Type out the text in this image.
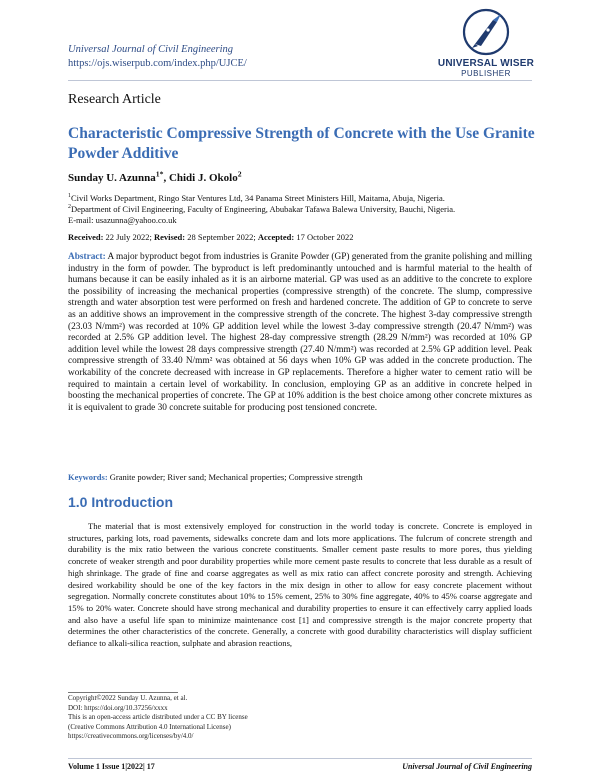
Universal Journal of Civil Engineering
https://ojs.wiserpub.com/index.php/UJCE/	UNIVERSAL WISER
PUBLISHER
Research Article
Characteristic Compressive Strength of Concrete with the Use Granite Powder Additive
Sunday U. Azunna$^{1*}$, Chidi J. Okolo$^2$
$^1$Civil Works Department, Ringo Star Ventures Ltd, 34 Panama Street Ministers Hill, Maitama, Abuja, Nigeria.
$^2$Department of Civil Engineering, Faculty of Engineering, Abubakar Tafawa Balewa University, Bauchi, Nigeria.
E-mail: usazunna@yahoo.co.uk
Received: 22 July 2022; Revised: 28 September 2022; Accepted: 17 October 2022
Abstract: A major byproduct begot from industries is Granite Powder (GP) generated from the granite polishing and milling industry in the form of powder. The byproduct is left predominantly untouched and is harmful material to the health of humans because it can be easily inhaled as it is an airborne material. GP was used as an additive to the concrete to explore the possibility of increasing the mechanical properties (compressive strength) of the concrete. The slump, compressive strength and water absorption test were performed on fresh and hardened concrete. The addition of GP to concrete to serve as an additive shows an improvement in the compressive strength of the concrete. The highest 3-day compressive strength (23.03 N/mm²) was recorded at 10% GP addition level while the lowest 3-day compressive strength (20.47 N/mm²) was recorded at 2.5% GP addition level. The highest 28-day compressive strength (28.29 N/mm²) was recorded at 10% GP addition level while the lowest 28 days compressive strength (27.40 N/mm²) was recorded at 2.5% GP addition level. Peak compressive strength of 33.40 N/mm² was obtained at 56 days when 10% GP was added in the concrete production. The workability of the concrete decreased with increase in GP replacements. Therefore a higher water to cement ratio will be required to maintain a certain level of workability. In conclusion, employing GP as an additive in concrete helped in boosting the mechanical properties of concrete. The GP at 10% addition is the best choice among other concrete mixtures as it is equivalent to grade 30 concrete suitable for producing post tensioned concrete.
Keywords: Granite powder; River sand; Mechanical properties; Compressive strength
1.0 Introduction
The material that is most extensively employed for construction in the world today is concrete. Concrete is employed in structures, parking lots, road pavements, sidewalks concrete dam and lots more applications. The fulcrum of concrete strength and durability is the mix ratio between the various concrete constituents. Smaller cement paste results to more pores, thus yielding concrete of weaker strength and poor durability properties while more cement paste results to concrete that less durable as a result of high shrinkage. The grade of fine and coarse aggregates as well as mix ratio can affect concrete porosity and strength. Achieving desired workability should be one of the key factors in the mix design in other to allow for easy concrete placement without segregation. Normally concrete constitutes about 10% to 15% cement, 25% to 30% fine aggregate, 40% to 45% coarse aggregate and 15% to 20% water. Concrete should have strong mechanical and durability properties to ensure it can effectively carry applied loads and also have a useful life span to minimize maintenance cost [1] and compressive strength is the major concrete property that determines the other characteristics of the concrete. Generally, a concrete with good durability characteristics will display sufficient defiance to alkali-silica reaction, sulphate and abrasion reactions,
Copyright©2022 Sunday U. Azunna, et al.
DOI: https://doi.org/10.37256/xxxx
This is an open-access article distributed under a CC BY license
(Creative Commons Attribution 4.0 International License)
https://creativecommons.org/licenses/by/4.0/
Volume 1 Issue 1|2022| 17	Universal Journal of Civil Engineering
